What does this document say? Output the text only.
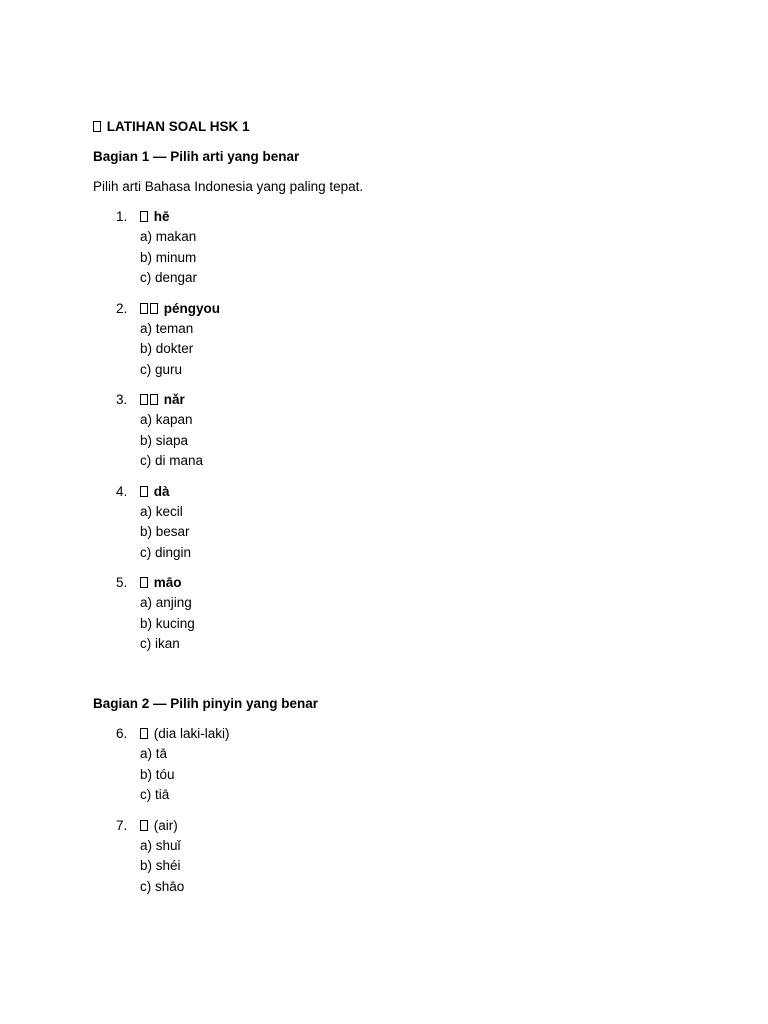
LATIHAN SOAL HSK 1
Bagian 1 — Pilih arti yang benar
Pilih arti Bahasa Indonesia yang paling tepat.
1.	hē
a) makan
b) minum
c) dengar
2.	péngyou
a) teman
b) dokter
c) guru
3.	nǎr
a) kapan
b) siapa
c) di mana
4.	dà
a) kecil
b) besar
c) dingin
5.	māo
a) anjing
b) kucing
c) ikan
Bagian 2 — Pilih pinyin yang benar
6.	(dia laki-laki)
a) tā
b) tóu
c) tiā
7.	(air)
a) shuǐ
b) shéi
c) shāo
